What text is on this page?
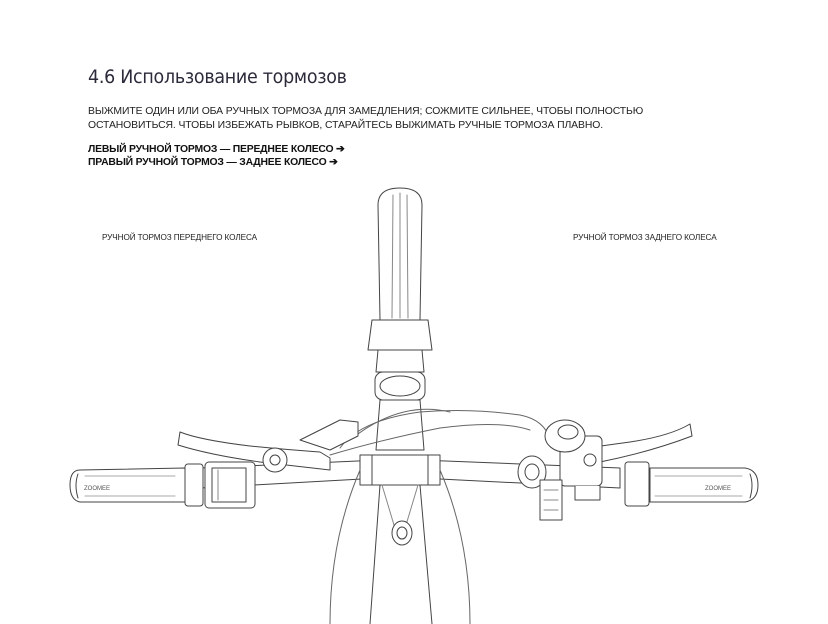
4.6 Использование тормозов
ВЫЖМИТЕ ОДИН ИЛИ ОБА РУЧНЫХ ТОРМОЗА ДЛЯ ЗАМЕДЛЕНИЯ; СОЖМИТЕ СИЛЬНЕЕ, ЧТОБЫ ПОЛНОСТЬЮ
ОСТАНОВИТЬСЯ. ЧТОБЫ ИЗБЕЖАТЬ РЫВКОВ, СТАРАЙТЕСЬ ВЫЖИМАТЬ РУЧНЫЕ ТОРМОЗА ПЛАВНО.
ЛЕВЫЙ РУЧНОЙ ТОРМОЗ — ПЕРЕДНЕЕ КОЛЕСО ➔
ПРАВЫЙ РУЧНОЙ ТОРМОЗ — ЗАДНЕЕ КОЛЕСО ➔
ZOOMEE	ZOOMEE
РУЧНОЙ ТОРМОЗ ПЕРЕДНЕГО КОЛЕСА	РУЧНОЙ ТОРМОЗ ЗАДНЕГО КОЛЕСА
